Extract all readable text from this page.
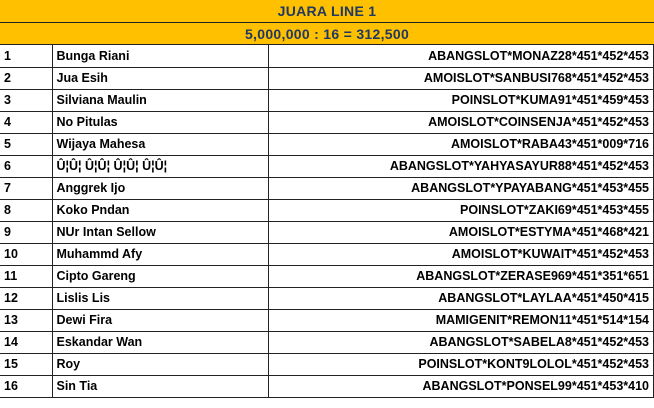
JUARA LINE 1
5,000,000 : 16 = 312,500
1	Bunga Riani	ABANGSLOT*MONAZ28*451*452*453
2	Jua Esih	AMOISLOT*SANBUSI768*451*452*453
3	Silviana Maulin	POINSLOT*KUMA91*451*459*453
4	No Pitulas	AMOISLOT*COINSENJA*451*452*453
5	Wijaya Mahesa	AMOISLOT*RABA43*451*009*716
6	Û¦Û¦ Û¦Û¦ Û¦Û¦ Û¦Û¦	ABANGSLOT*YAHYASAYUR88*451*452*453
7	Anggrek Ijo	ABANGSLOT*YPAYABANG*451*453*455
8	Koko Pndan	POINSLOT*ZAKI69*451*453*455
9	NUr Intan Sellow	AMOISLOT*ESTYMA*451*468*421
10	Muhammd Afy	AMOISLOT*KUWAIT*451*452*453
11	Cipto Gareng	ABANGSLOT*ZERASE969*451*351*651
12	Lislis Lis	ABANGSLOT*LAYLAA*451*450*415
13	Dewi Fira	MAMIGENIT*REMON11*451*514*154
14	Eskandar Wan	ABANGSLOT*SABELA8*451*452*453
15	Roy	POINSLOT*KONT9LOLOL*451*452*453
16	Sin Tia	ABANGSLOT*PONSEL99*451*453*410
